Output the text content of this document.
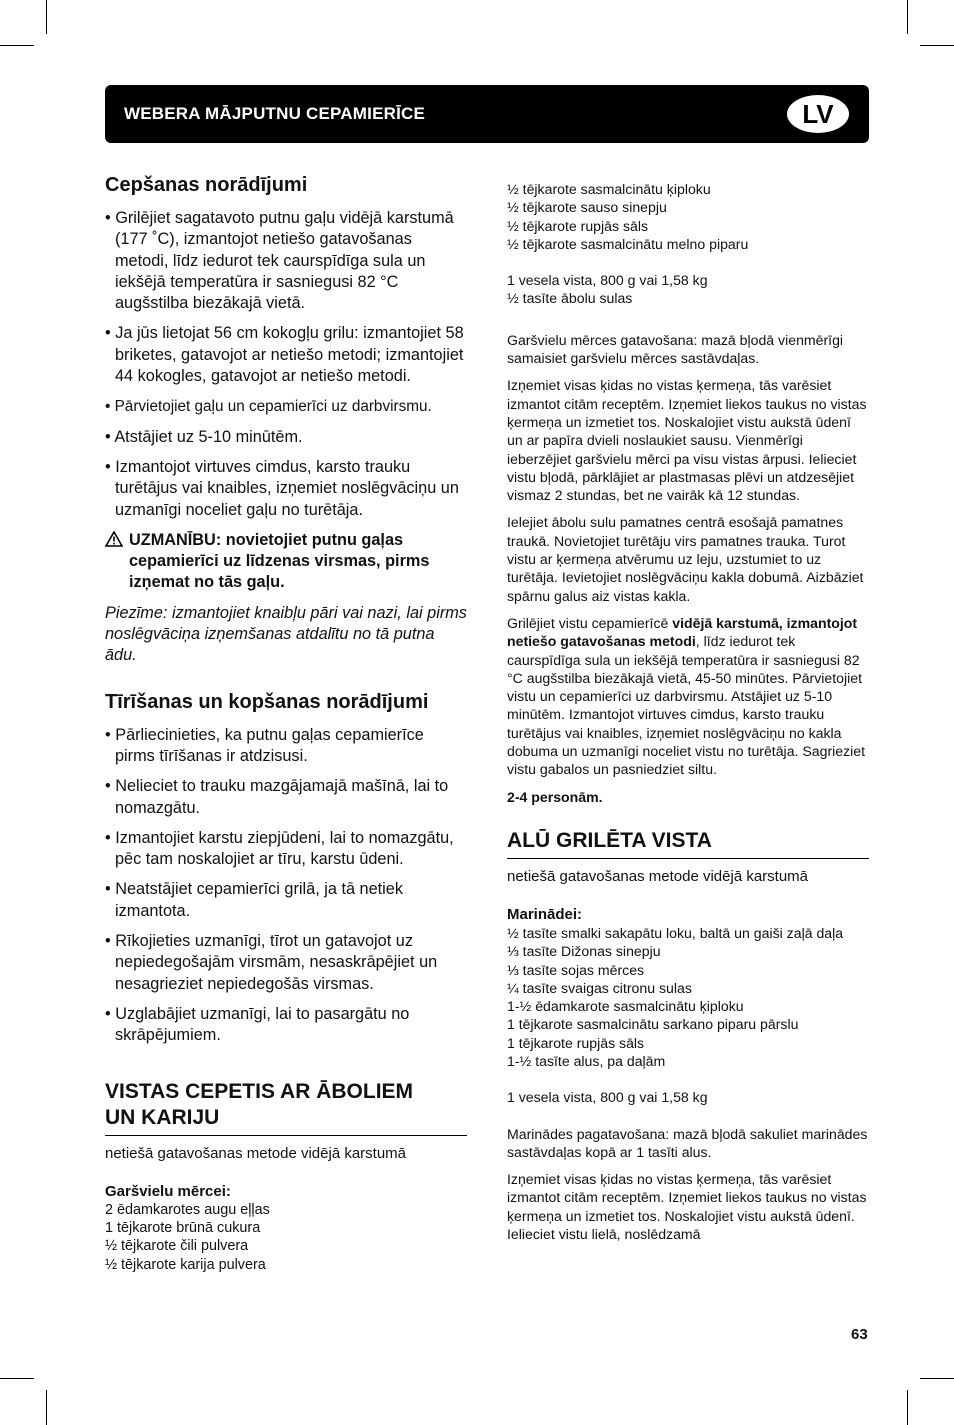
WEBERA MĀJPUTNU CEPAMIERĪCE	LV
Cepšanas norādījumi

• Grilējiet sagatavoto putnu gaļu vidējā karstumā (177 ˚C), izmantojot netiešo gatavošanas metodi, līdz iedurot tek caurspīdīga sula un iekšējā temperatūra ir sasniegusi 82 °C augšstilba biezākajā vietā.

• Ja jūs lietojat 56 cm kokogļu grilu: izmantojiet 58 briketes, gatavojot ar netiešo metodi; izmantojiet 44 kokogles, gatavojot ar netiešo metodi.

• Pārvietojiet gaļu un cepamierīci uz darbvirsmu.

• Atstājiet uz 5-10 minūtēm.

• Izmantojot virtuves cimdus, karsto trauku turētājus vai knaibles, izņemiet noslēgvāciņu un uzmanīgi noceliet gaļu no turētāja.

UZMANĪBU: novietojiet putnu gaļas cepamierīci uz līdzenas virsmas, pirms izņemat no tās gaļu.

Piezīme: izmantojiet knaibļu pāri vai nazi, lai pirms noslēgvāciņa izņemšanas atdalītu no tā putna ādu.

Tīrīšanas un kopšanas norādījumi

• Pārliecinieties, ka putnu gaļas cepamierīce pirms tīrīšanas ir atdzisusi.

• Nelieciet to trauku mazgājamajā mašīnā, lai to nomazgātu.

• Izmantojiet karstu ziepjūdeni, lai to nomazgātu, pēc tam noskalojiet ar tīru, karstu ūdeni.

• Neatstājiet cepamierīci grilā, ja tā netiek izmantota.

• Rīkojieties uzmanīgi, tīrot un gatavojot uz nepiedegošajām virsmām, nesaskrāpējiet un nesagrieziet nepiedegošās virsmas.

• Uzglabājiet uzmanīgi, lai to pasargātu no skrāpējumiem.

VISTAS CEPETIS AR ĀBOLIEM
UN KARIJU

netiešā gatavošanas metode vidējā karstumā

Garšvielu mērcei:

2 ēdamkarotes augu eļļas

1 tējkarote brūnā cukura

½ tējkarote čili pulvera

½ tējkarote karija pulvera

½ tējkarote sasmalcinātu ķiploku

½ tējkarote sauso sinepju

½ tējkarote rupjās sāls

½ tējkarote sasmalcinātu melno piparu

1 vesela vista, 800 g vai 1,58 kg

½ tasīte ābolu sulas

Garšvielu mērces gatavošana: mazā bļodā vienmērīgi samaisiet garšvielu mērces sastāvdaļas.

Izņemiet visas ķidas no vistas ķermeņa, tās varēsiet izmantot citām receptēm. Izņemiet liekos taukus no vistas ķermeņa un izmetiet tos. Noskalojiet vistu aukstā ūdenī un ar papīra dvieli noslaukiet sausu. Vienmērīgi ieberzējiet garšvielu mērci pa visu vistas ārpusi. Ielieciet vistu bļodā, pārklājiet ar plastmasas plēvi un atdzesējiet vismaz 2 stundas, bet ne vairāk kā 12 stundas.

Ielejiet ābolu sulu pamatnes centrā esošajā pamatnes traukā. Novietojiet turētāju virs pamatnes trauka. Turot vistu ar ķermeņa atvērumu uz leju, uzstumiet to uz turētāja. Ievietojiet noslēgvāciņu kakla dobumā. Aizbāziet spārnu galus aiz vistas kakla.

Grilējiet vistu cepamierīcē vidējā karstumā, izmantojot netiešo gatavošanas metodi, līdz iedurot tek caurspīdīga sula un iekšējā temperatūra ir sasniegusi 82 °C augšstilba biezākajā vietā, 45-50 minūtes. Pārvietojiet vistu un cepamierīci uz darbvirsmu. Atstājiet uz 5-10 minūtēm. Izmantojot virtuves cimdus, karsto trauku turētājus vai knaibles, izņemiet noslēgvāciņu no kakla dobuma un uzmanīgi noceliet vistu no turētāja. Sagrieziet vistu gabalos un pasniedziet siltu.

2-4 personām.

ALŪ GRILĒTA VISTA

netiešā gatavošanas metode vidējā karstumā

Marinādei:

½ tasīte smalki sakapātu loku, baltā un gaiši zaļā daļa

⅓ tasīte Dižonas sinepju

⅓ tasīte sojas mērces

¼ tasīte svaigas citronu sulas

1-½ ēdamkarote sasmalcinātu ķiploku

1 tējkarote sasmalcinātu sarkano piparu pārslu

1 tējkarote rupjās sāls

1-½ tasīte alus, pa daļām

1 vesela vista, 800 g vai 1,58 kg

Marinādes pagatavošana: mazā bļodā sakuliet marinādes sastāvdaļas kopā ar 1 tasīti alus.

Izņemiet visas ķidas no vistas ķermeņa, tās varēsiet izmantot citām receptēm. Izņemiet liekos taukus no vistas ķermeņa un izmetiet tos. Noskalojiet vistu aukstā ūdenī. Ielieciet vistu lielā, noslēdzamā

63
